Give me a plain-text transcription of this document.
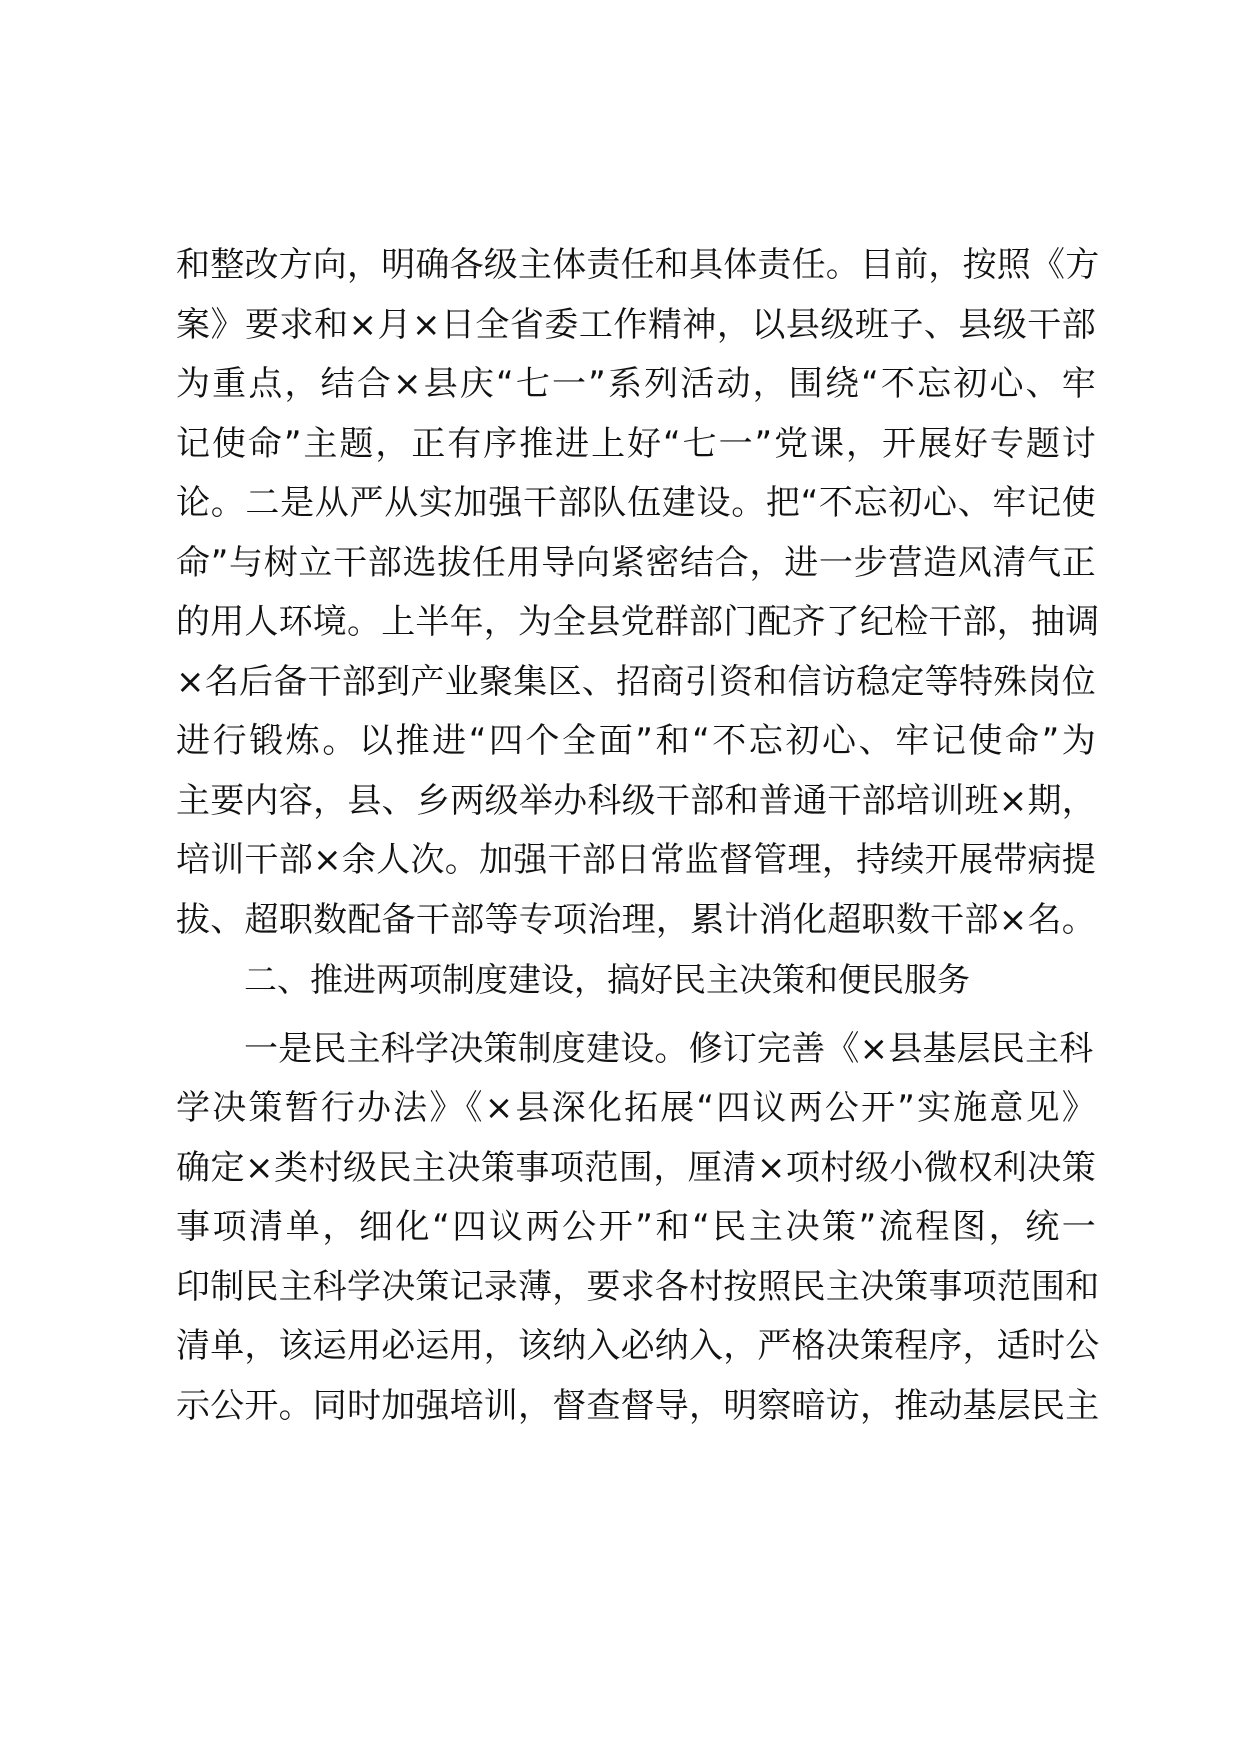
和整改方向，明确各级主体责任和具体责任。目前，按照《方
案》要求和×月×日全省委工作精神，以县级班子、县级干部
为重点，结合×县庆“七一”系列活动，围绕“不忘初心、牢
记使命”主题，正有序推进上好“七一”党课，开展好专题讨
论。二是从严从实加强干部队伍建设。把“不忘初心、牢记使
命”与树立干部选拔任用导向紧密结合，进一步营造风清气正
的用人环境。上半年，为全县党群部门配齐了纪检干部，抽调
×名后备干部到产业聚集区、招商引资和信访稳定等特殊岗位
进行锻炼。以推进“四个全面”和“不忘初心、牢记使命”为
主要内容，县、乡两级举办科级干部和普通干部培训班×期，
培训干部×余人次。加强干部日常监督管理，持续开展带病提
拔、超职数配备干部等专项治理，累计消化超职数干部×名。
二、推进两项制度建设，搞好民主决策和便民服务
一是民主科学决策制度建设。修订完善《×县基层民主科
学决策暂行办法》《×县深化拓展“四议两公开”实施意见》
确定×类村级民主决策事项范围，厘清×项村级小微权利决策
事项清单，细化“四议两公开”和“民主决策”流程图，统一
印制民主科学决策记录薄，要求各村按照民主决策事项范围和
清单，该运用必运用，该纳入必纳入，严格决策程序，适时公
示公开。同时加强培训，督查督导，明察暗访，推动基层民主
